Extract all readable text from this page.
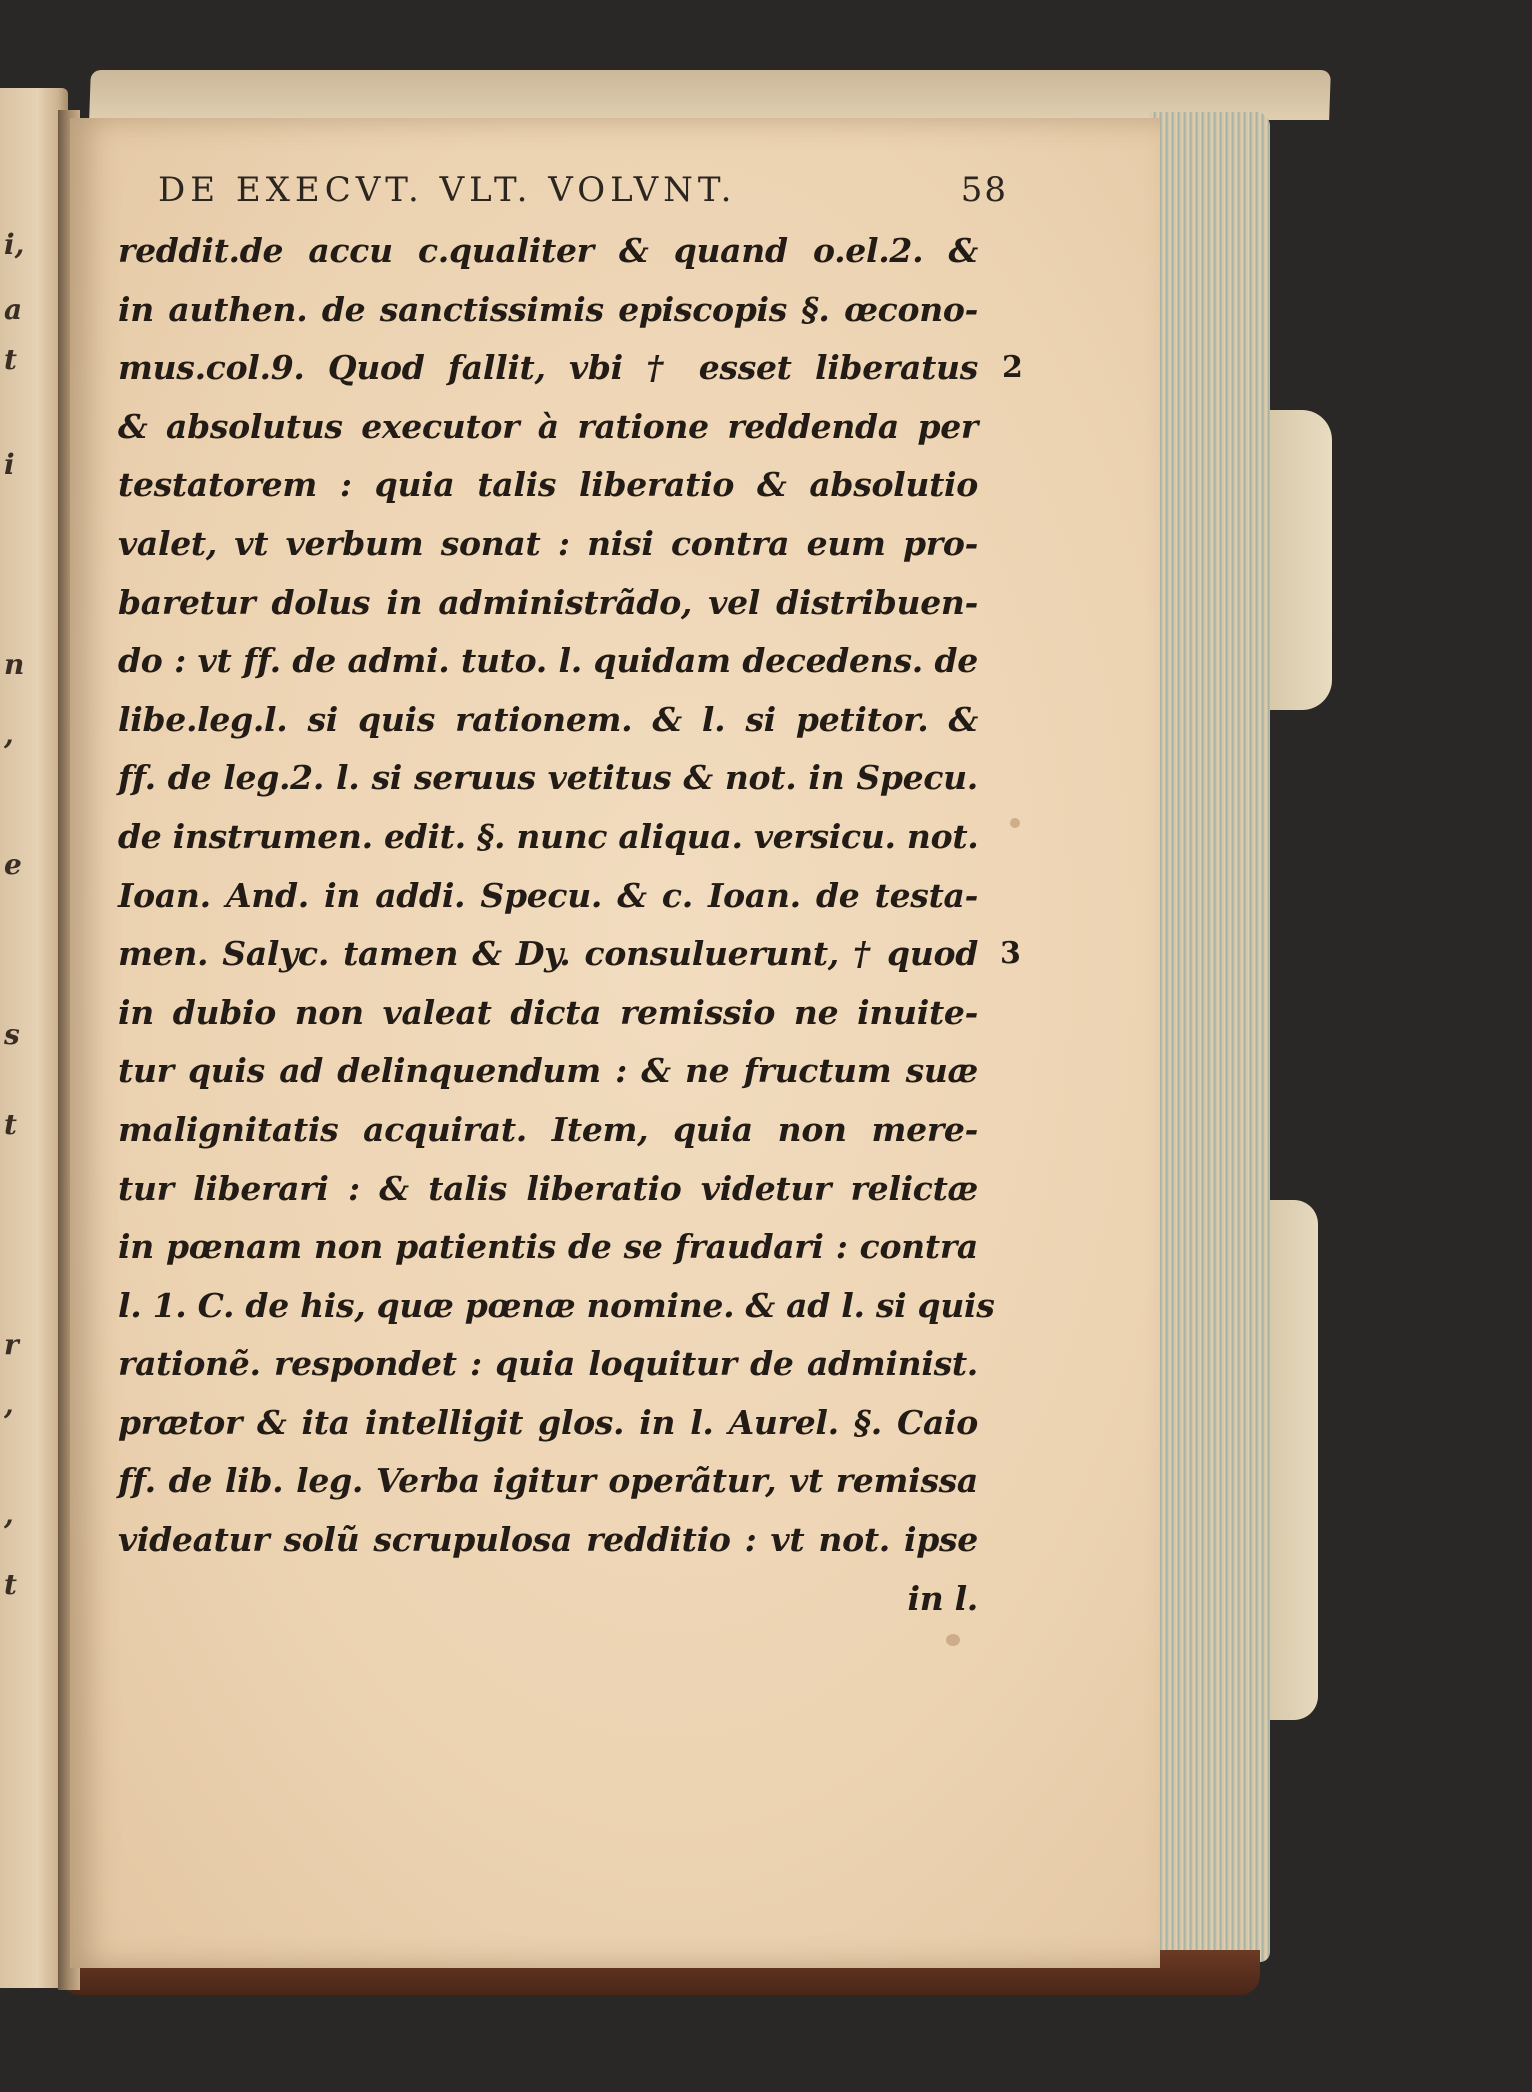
i,
a
t
i
n
,
e
s
t
r
,
,
t
DE EXECVT. VLT. VOLVNT.	58
reddit.de accu c.qualiter & quand o.el.2. &
in authen. de sanctissimis episcopis §. œcono-
mus.col.9. Quod fallit, vbi † esset liberatus
& absolutus executor à ratione reddenda per
testatorem : quia talis liberatio & absolutio
valet, vt verbum sonat : nisi contra eum pro-
baretur dolus in administrãdo, vel distribuen-
do : vt ff. de admi. tuto. l. quidam decedens. de
libe.leg.l. si quis rationem. & l. si petitor. &
ff. de leg.2. l. si seruus vetitus & not. in Specu.
de instrumen. edit. §. nunc aliqua. versicu. not.
Ioan. And. in addi. Specu. & c. Ioan. de testa-
men. Salyc. tamen & Dy. consuluerunt, † quod
in dubio non valeat dicta remissio ne inuite-
tur quis ad delinquendum : & ne fructum suæ
malignitatis acquirat. Item, quia non mere-
tur liberari : & talis liberatio videtur relictæ
in pœnam non patientis de se fraudari : contra
l. 1. C. de his, quæ pœnæ nomine. & ad l. si quis
rationẽ. respondet : quia loquitur de administ.
prætor & ita intelligit glos. in l. Aurel. §. Caio
ff. de lib. leg. Verba igitur operãtur, vt remissa
videatur solũ scrupulosa redditio : vt not. ipse
in l.
2
3
